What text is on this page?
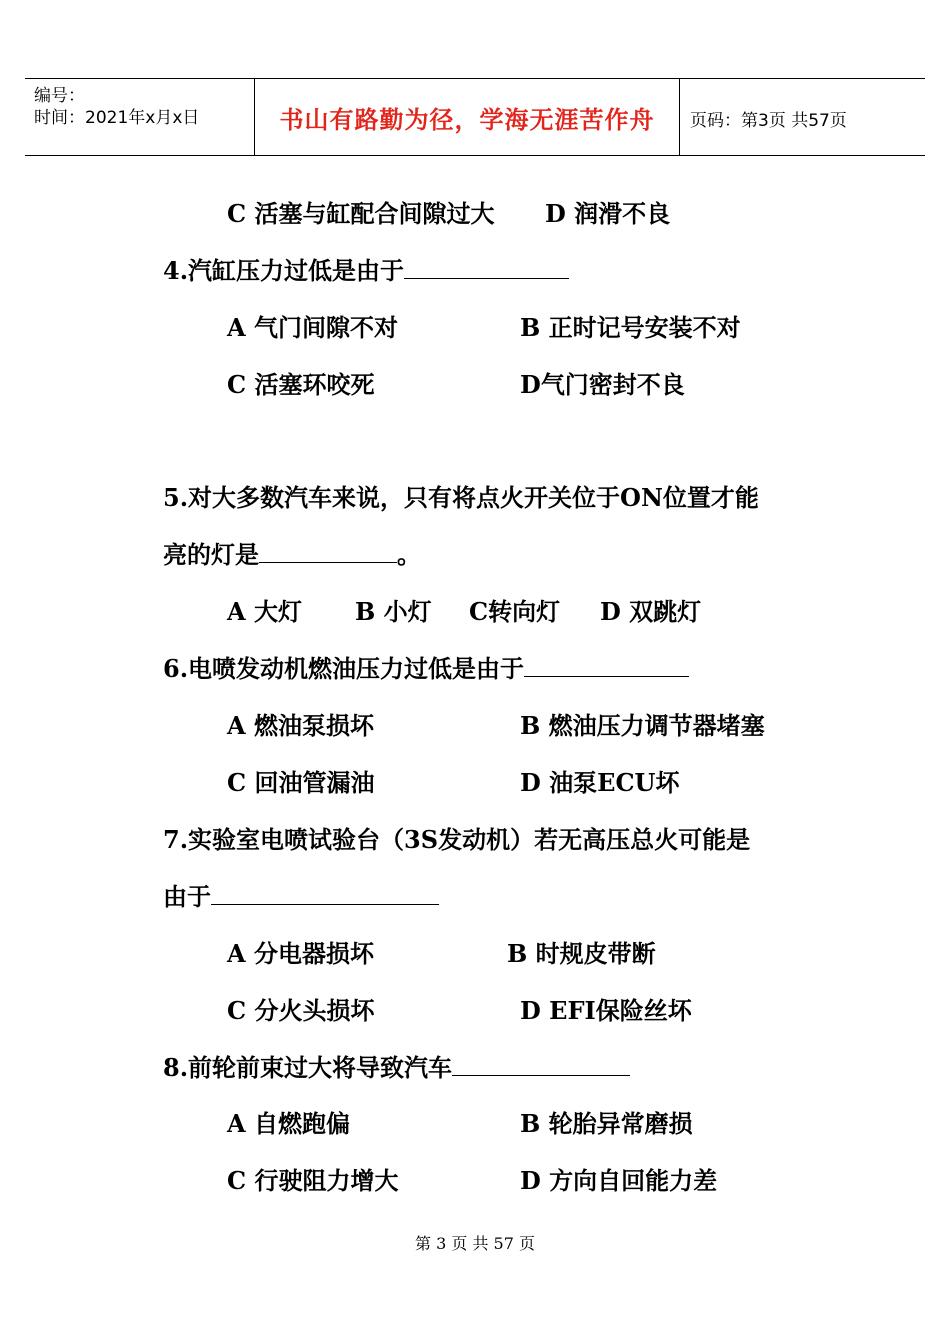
编号：
时间：2021年x月x日	书山有路勤为径，学海无涯苦作舟	页码：第3页 共57页
C 活塞与缸配合间隙过大 D 润滑不良
4.汽缸压力过低是由于
A 气门间隙不对	B 正时记号安装不对
C 活塞环咬死	D气门密封不良
5.对大多数汽车来说，只有将点火开关位于ON位置才能
亮的灯是	。
A 大灯 B 小灯 C转向灯 D 双跳灯
6.电喷发动机燃油压力过低是由于
A 燃油泵损坏	B 燃油压力调节器堵塞
C 回油管漏油	D 油泵ECU坏
7.实验室电喷试验台（3S发动机）若无高压总火可能是
由于
A 分电器损坏	B 时规皮带断
C 分火头损坏	D EFI保险丝坏
8.前轮前束过大将导致汽车
A 自燃跑偏	B 轮胎异常磨损
C 行驶阻力增大	D 方向自回能力差
第 3 页 共 57 页
